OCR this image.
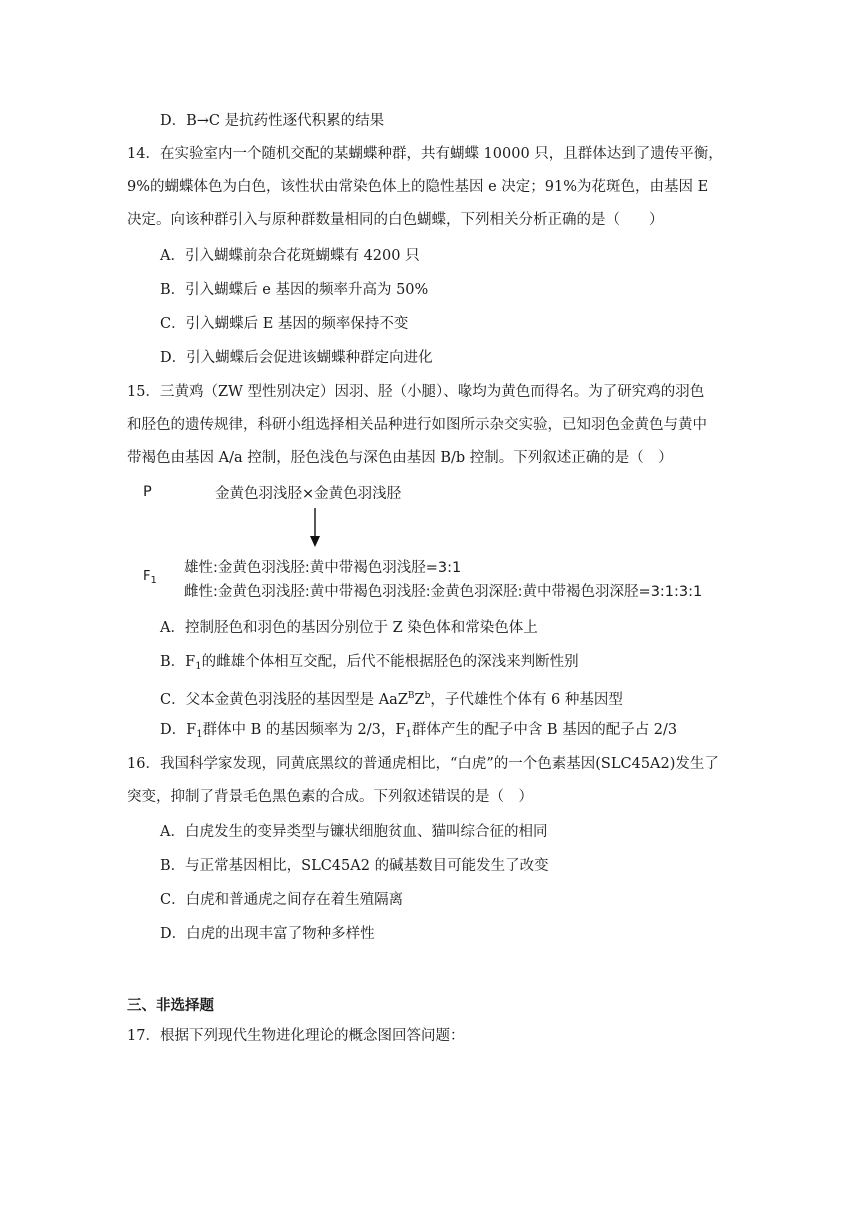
D．B→C 是抗药性逐代积累的结果
14．在实验室内一个随机交配的某蝴蝶种群，共有蝴蝶 10000 只，且群体达到了遗传平衡，
9%的蝴蝶体色为白色，该性状由常染色体上的隐性基因 e 决定；91%为花斑色，由基因 E
决定。向该种群引入与原种群数量相同的白色蝴蝶，下列相关分析正确的是（　　）
A．引入蝴蝶前杂合花斑蝴蝶有 4200 只
B．引入蝴蝶后 e 基因的频率升高为 50%
C．引入蝴蝶后 E 基因的频率保持不变
D．引入蝴蝶后会促进该蝴蝶种群定向进化
15．三黄鸡（ZW 型性别决定）因羽、胫（小腿）、喙均为黄色而得名。为了研究鸡的羽色
和胫色的遗传规律，科研小组选择相关品种进行如图所示杂交实验，已知羽色金黄色与黄中
带褐色由基因 A/a 控制，胫色浅色与深色由基因 B/b 控制。下列叙述正确的是（　）
P	金黄色羽浅胫×金黄色羽浅胫
$F_1$
雄性:金黄色羽浅胫:黄中带褐色羽浅胫=3:1
雌性:金黄色羽浅胫:黄中带褐色羽浅胫:金黄色羽深胫:黄中带褐色羽深胫=3:1:3:1
A．控制胫色和羽色的基因分别位于 Z 染色体和常染色体上
B．$F_1$的雌雄个体相互交配，后代不能根据胫色的深浅来判断性别
C．父本金黄色羽浅胫的基因型是 $AaZ^BZ^b$，子代雄性个体有 6 种基因型
D．$F_1$群体中 B 的基因频率为 2/3，$F_1$群体产生的配子中含 B 基因的配子占 2/3
16．我国科学家发现，同黄底黑纹的普通虎相比，“白虎”的一个色素基因(SLC45A2)发生了
突变，抑制了背景毛色黑色素的合成。下列叙述错误的是（　）
A．白虎发生的变异类型与镰状细胞贫血、猫叫综合征的相同
B．与正常基因相比，SLC45A2 的碱基数目可能发生了改变
C．白虎和普通虎之间存在着生殖隔离
D．白虎的出现丰富了物种多样性
三、非选择题
17．根据下列现代生物进化理论的概念图回答问题：
